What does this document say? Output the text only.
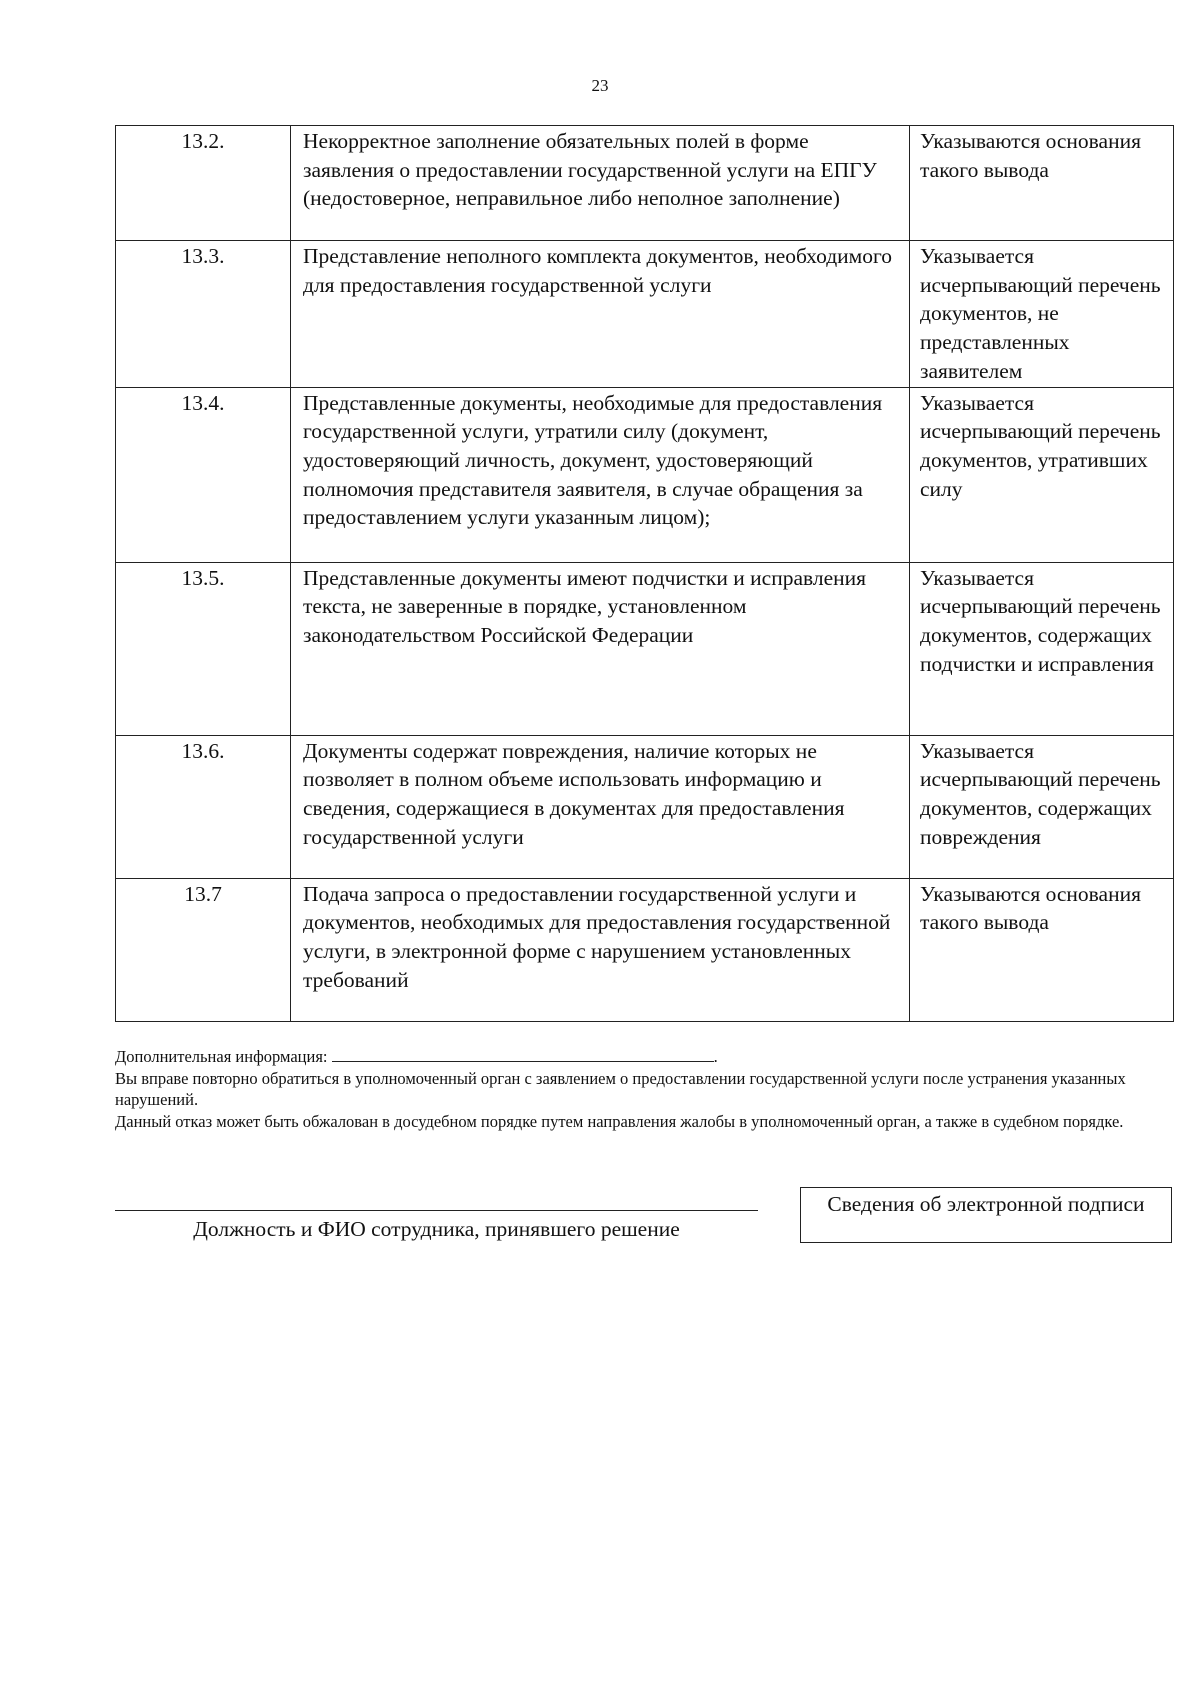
23
13.2.	Некорректное заполнение обязательных полей в форме заявления о предоставлении государственной услуги на ЕПГУ (недостоверное, неправильное либо неполное заполнение)	Указываются основания такого вывода
13.3.	Представление неполного комплекта документов, необходимого для предоставления государственной услуги	Указывается исчерпывающий перечень документов, не представленных заявителем
13.4.	Представленные документы, необходимые для предоставления государственной услуги, утратили силу (документ, удостоверяющий личность, документ, удостоверяющий полномочия представителя заявителя, в случае обращения за предоставлением услуги указанным лицом);	Указывается исчерпывающий перечень документов, утративших силу
13.5.	Представленные документы имеют подчистки и исправления текста, не заверенные в порядке, установленном законодательством Российской Федерации	Указывается исчерпывающий перечень документов, содержащих подчистки и исправления
13.6.	Документы содержат повреждения, наличие которых не позволяет в полном объеме использовать информацию и сведения, содержащиеся в документах для предоставления государственной услуги	Указывается исчерпывающий перечень документов, содержащих повреждения
13.7	Подача запроса о предоставлении государственной услуги и документов, необходимых для предоставления государственной услуги, в электронной форме с нарушением установленных требований	Указываются основания такого вывода

Дополнительная информация:	.

Вы вправе повторно обратиться в уполномоченный орган с заявлением о предоставлении государственной услуги после устранения указанных нарушений.

Данный отказ может быть обжалован в досудебном порядке путем направления жалобы в уполномоченный орган, а также в судебном порядке.

Должность и ФИО сотрудника, принявшего решение
Сведения об электронной подписи
